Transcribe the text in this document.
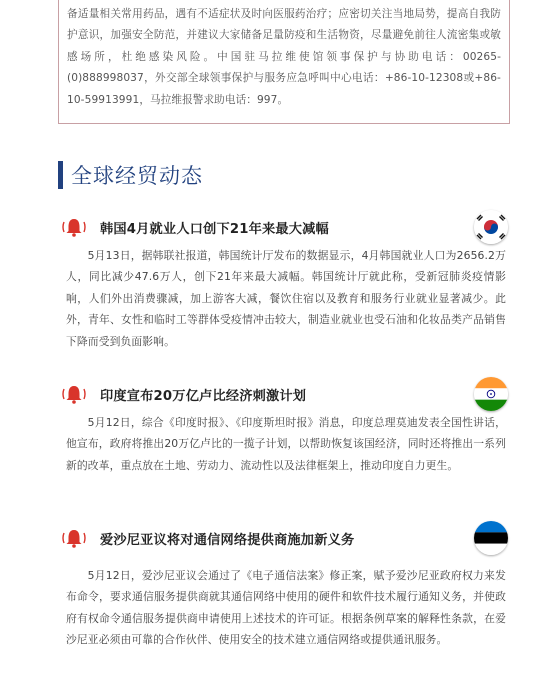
备适量相关常用药品，遇有不适症状及时向医服药治疗；应密切关注当地局势，提高自我防护意识，加强安全防范，并建议大家储备足量防疫和生活物资，尽量避免前往人流密集或敏感场所，杜绝感染风险。中国驻马拉维使馆领事保护与协助电话：00265-(0)888998037，外交部全球领事保护与服务应急呼叫中心电话：+86-10-12308或+86-10-59913991，马拉维报警求助电话：997。

全球经贸动态
韩国4月就业人口创下21年来最大减幅

5月13日，据韩联社报道，韩国统计厅发布的数据显示，4月韩国就业人口为2656.2万人，同比减少47.6万人，创下21年来最大减幅。韩国统计厅就此称，受新冠肺炎疫情影响，人们外出消费骤减，加上游客大减，餐饮住宿以及教育和服务行业就业显著减少。此外，青年、女性和临时工等群体受疫情冲击较大，制造业就业也受石油和化妆品类产品销售下降而受到负面影响。

印度宣布20万亿卢比经济刺激计划

5月12日，综合《印度时报》、《印度斯坦时报》消息，印度总理莫迪发表全国性讲话，他宣布，政府将推出20万亿卢比的一揽子计划，以帮助恢复该国经济，同时还将推出一系列新的改革，重点放在土地、劳动力、流动性以及法律框架上，推动印度自力更生。

爱沙尼亚议将对通信网络提供商施加新义务

5月12日，爱沙尼亚议会通过了《电子通信法案》修正案，赋予爱沙尼亚政府权力来发布命令，要求通信服务提供商就其通信网络中使用的硬件和软件技术履行通知义务，并使政府有权命令通信服务提供商申请使用上述技术的许可证。根据条例草案的解释性条款，在爱沙尼亚必须由可靠的合作伙伴、使用安全的技术建立通信网络或提供通讯服务。
